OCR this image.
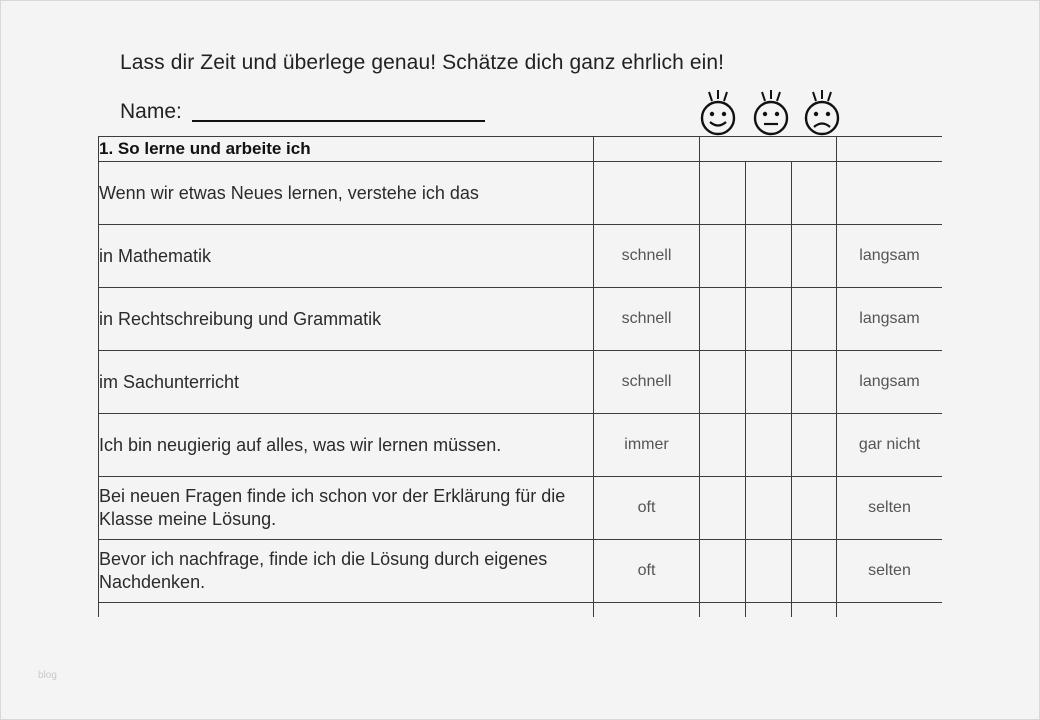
Lass dir Zeit und überlege genau! Schätze dich ganz ehrlich ein!
Name:
1. So lerne und arbeite ich					
Wenn wir etwas Neues lernen, verstehe ich das					
in Mathematik	schnell				langsam
in Rechtschreibung und Grammatik	schnell				langsam
im Sachunterricht	schnell				langsam
Ich bin neugierig auf alles, was wir lernen müssen.	immer				gar nicht
Bei neuen Fragen finde ich schon vor der Erklärung für die Klasse meine Lösung.	oft				selten
Bevor ich nachfrage, finde ich die Lösung durch eigenes Nachdenken.	oft				selten

blog
